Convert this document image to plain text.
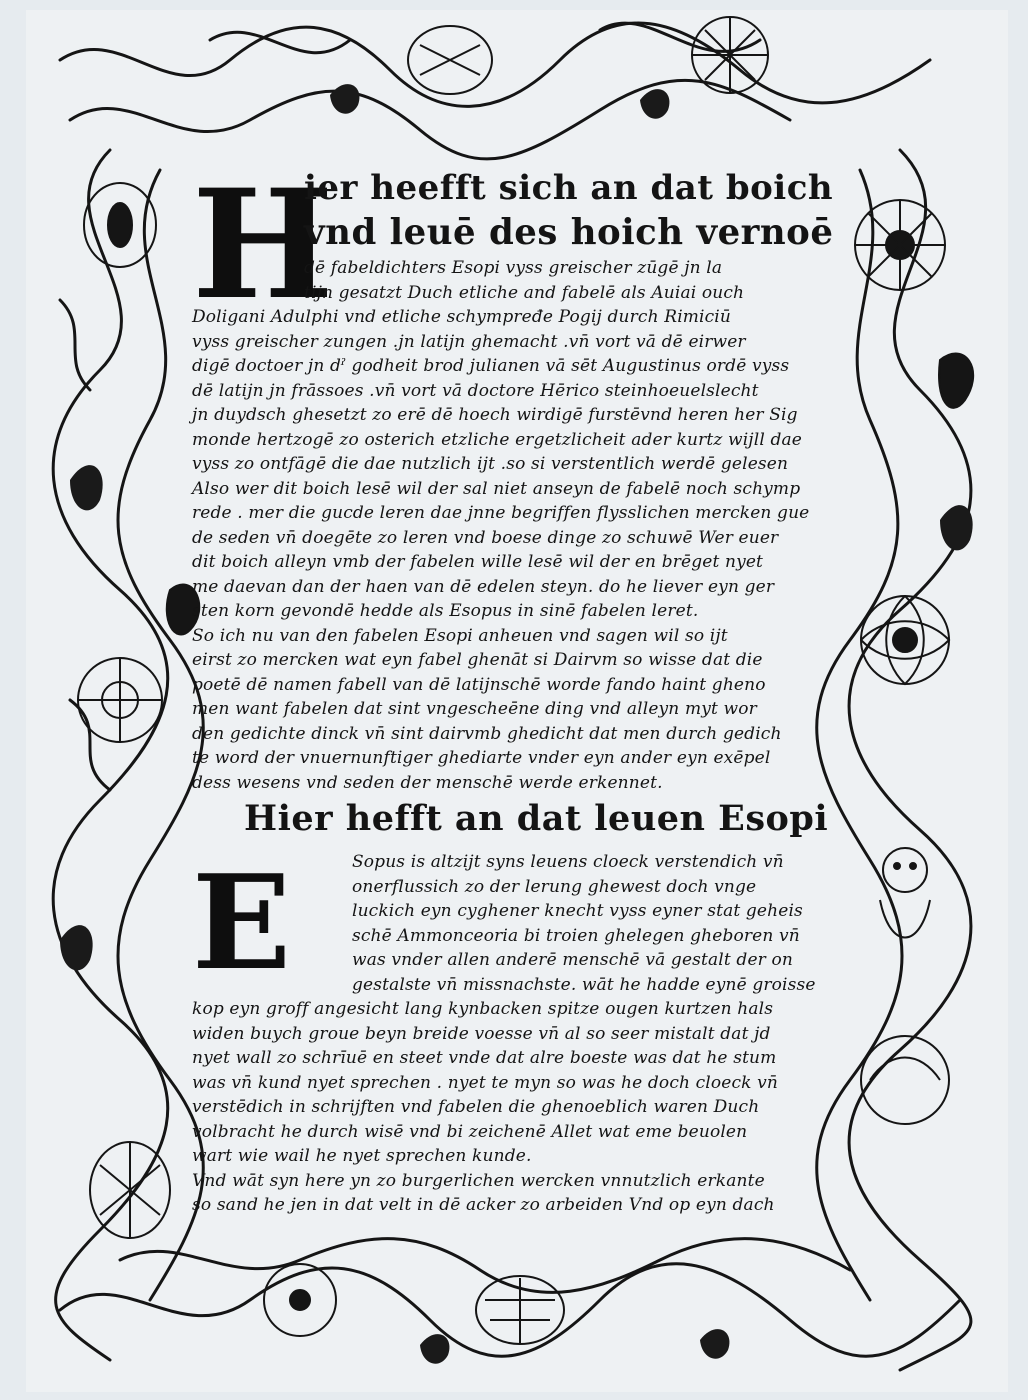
H
ier heefft sich an dat boich
vnd leuē des hoich vernoē
dē fabeldichters Esopi vyss greischer zūgē jn la
tijn gesatzt Duch etliche and fabelē als Auiai ouch
Doligani Adulphi vnd etliche schympređe Pogij durch Rimiciū
vyss greischer zungen .jn latijn ghemacht .vn̄ vort vā dē eirwer
digē doctoer jn dˀ godheit brod julianen vā sēt Augustinus ordē vyss
dē latijn jn frāssoes .vn̄ vort vā doctore Hērico steinhoeuelslecht
jn duydsch ghesetzt zo erē dē hoech wirdigē furstēvnd heren her Sig
monde hertzogē zo osterich etzliche ergetzlicheit ader kurtz wijll dae
vyss zo ontfāgē die dae nutzlich ijt .so si verstentlich werdē gelesen
Also wer dit boich lesē wil der sal niet anseyn de fabelē noch schymp
rede . mer die gucde leren dae jnne begriffen flysslichen mercken gue
de seden vn̄ doegēte zo leren vnd boese dinge zo schuwē Wer euer
dit boich alleyn vmb der fabelen wille lesē wil der en brēget nyet
me daevan dan der haen van dē edelen steyn. do he liever eyn ger
sten korn gevondē hedde als Esopus in sinē fabelen leret.
So ich nu van den fabelen Esopi anheuen vnd sagen wil so ijt
eirst zo mercken wat eyn fabel ghenāt si Dairvm so wisse dat die
poetē dē namen fabell van dē latijnschē worde fando haint gheno
men want fabelen dat sint vngescheēne ding vnd alleyn myt wor
den gedichte dinck vn̄ sint dairvmb ghedicht dat men durch gedich
te word der vnuernunftiger ghediarte vnder eyn ander eyn exēpel
dess wesens vnd seden der menschē werde erkennet.
Hier hefft an dat leuen Esopi
E	Sopus is altzijt syns leuens cloeck verstendich vn̄
onerflussich zo der lerung ghewest doch vnge
luckich eyn cyghener knecht vyss eyner stat geheis
schē Ammonceoria bi troien ghelegen gheboren vn̄
was vnder allen anderē menschē vā gestalt der on
gestalste vn̄ missnachste. wāt he hadde eynē groisse
kop eyn groff angesicht lang kynbacken spitze ougen kurtzen hals
widen buych groue beyn breide voesse vn̄ al so seer mistalt dat jd
nyet wall zo schrīuē en steet vnde dat alre boeste was dat he stum
was vn̄ kund nyet sprechen . nyet te myn so was he doch cloeck vn̄
verstēdich in schrijften vnd fabelen die ghenoeblich waren Duch
volbracht he durch wisē vnd bi zeichenē Allet wat eme beuolen
wart wie wail he nyet sprechen kunde.
Vnd wāt syn here yn zo burgerlichen wercken vnnutzlich erkante
so sand he jen in dat velt in dē acker zo arbeiden Vnd op eyn dach
